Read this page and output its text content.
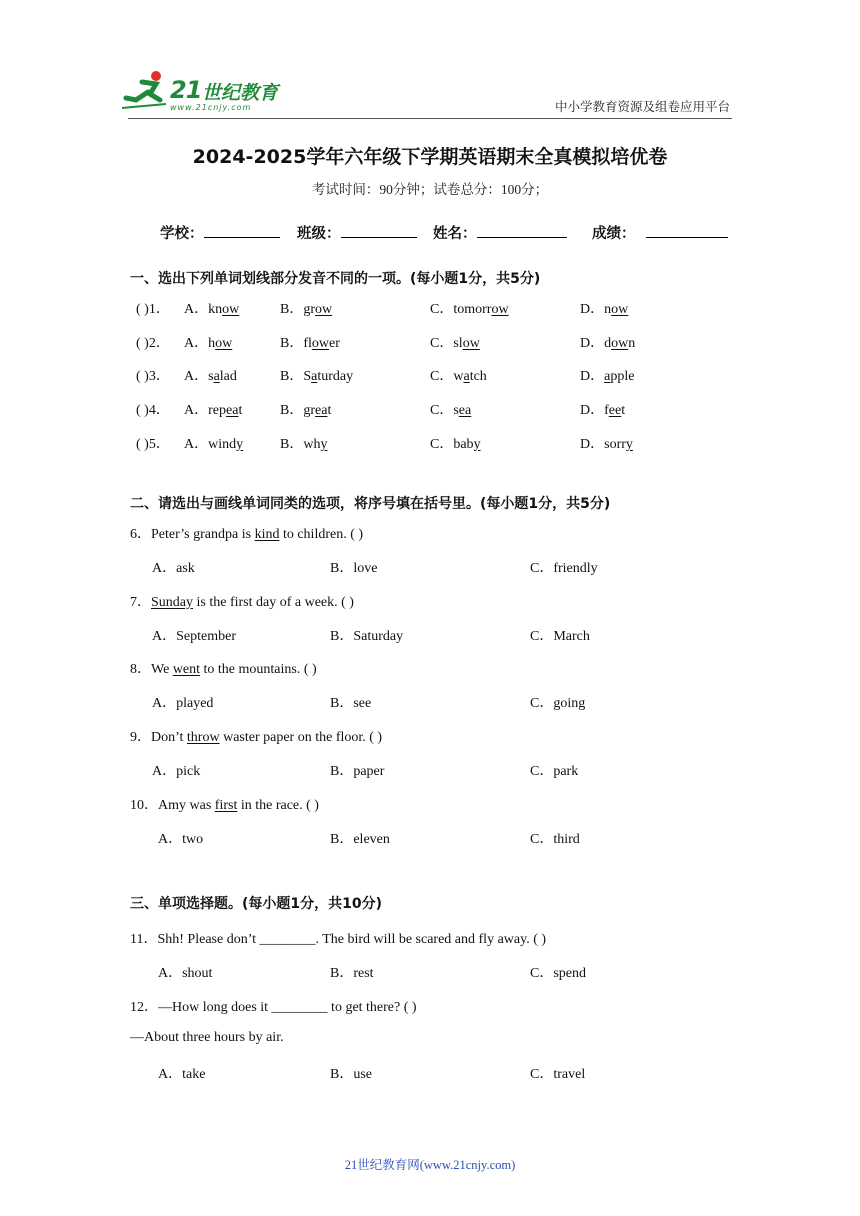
21 世纪教育
www.21cnjy.com	中小学教育资源及组卷应用平台
2024-2025学年六年级下学期英语期末全真模拟培优卷
考试时间：90分钟；试卷总分：100分；
学校：	班级：	姓名：	成绩：
一、选出下列单词划线部分发音不同的一项。(每小题1分，共5分)
( )1． A．know	B．grow	C．tomorrow	D．now
( )2． A．how	B．flower	C．slow	D．down
( )3． A．salad	B．Saturday	C．watch	D．apple
( )4． A．repeat	B．great	C．sea	D．feet
( )5． A．windy	B．why	C．baby	D．sorry
二、请选出与画线单词同类的选项，将序号填在括号里。(每小题1分，共5分)
6．Peter’s grandpa is kind to children. ( )
A．ask	B．love	C．friendly
7．Sunday is the first day of a week. ( )
A．September	B．Saturday	C．March
8．We went to the mountains. ( )
A．played	B．see	C．going
9．Don’t throw waster paper on the floor. ( )
A．pick	B．paper	C．park
10．Amy was first in the race. ( )
A．two	B．eleven	C．third
三、单项选择题。(每小题1分，共10分)
11．Shh! Please don’t ________. The bird will be scared and fly away. ( )
A．shout	B．rest	C．spend
12．—How long does it ________ to get there? ( )
—About three hours by air.
A．take	B．use	C．travel
21世纪教育网(www.21cnjy.com)
